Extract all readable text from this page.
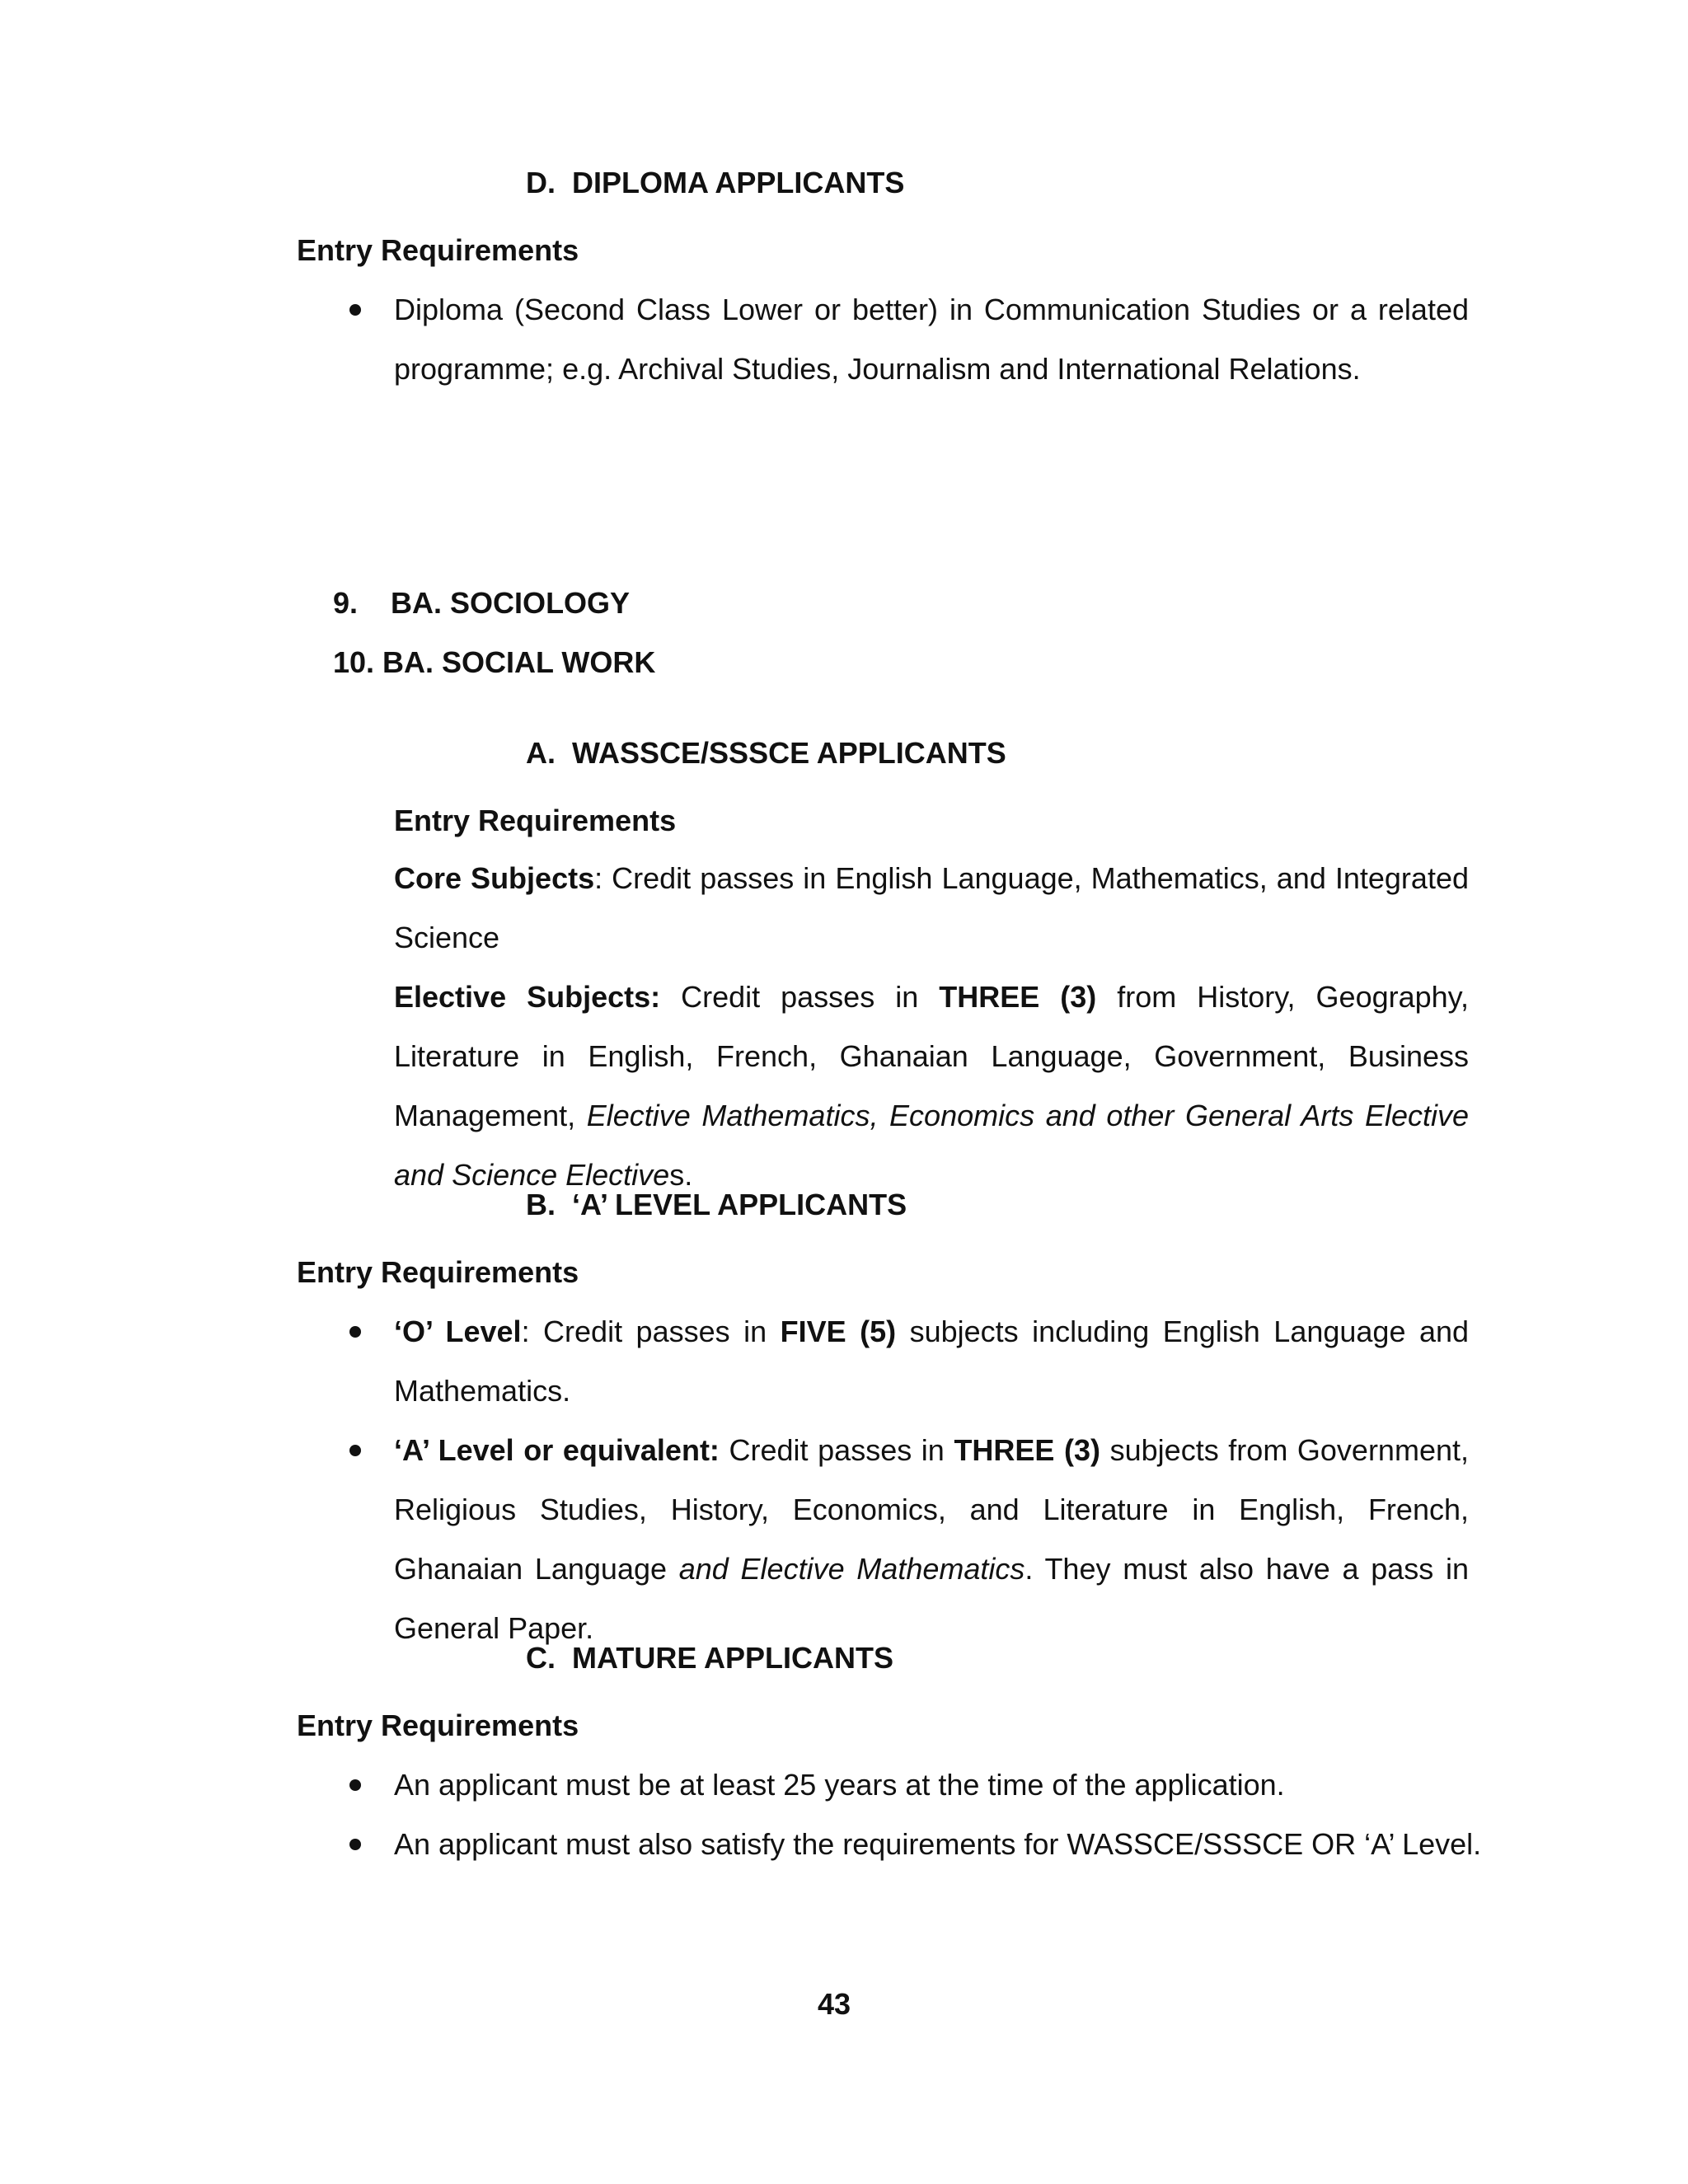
D. DIPLOMA APPLICANTS
Entry Requirements

Diploma (Second Class Lower or better) in Communication Studies or a related programme; e.g. Archival Studies, Journalism and International Relations.

9. BA. SOCIOLOGY
10. BA. SOCIAL WORK
A. WASSCE/SSSCE APPLICANTS
Entry Requirements

Core Subjects: Credit passes in English Language, Mathematics, and Integrated Science

Elective Subjects: Credit passes in THREE (3) from History, Geography, Literature in English, French, Ghanaian Language, Government, Business Management, Elective Mathematics, Economics and other General Arts Elective and Science Electives.

B. ‘A’ LEVEL APPLICANTS
Entry Requirements

‘O’ Level: Credit passes in FIVE (5) subjects including English Language and Mathematics.

‘A’ Level or equivalent: Credit passes in THREE (3) subjects from Government, Religious Studies, History, Economics, and Literature in English, French, Ghanaian Language and Elective Mathematics. They must also have a pass in General Paper.

C. MATURE APPLICANTS
Entry Requirements
An applicant must be at least 25 years at the time of the application.
An applicant must also satisfy the requirements for WASSCE/SSSCE OR ‘A’ Level.
43
